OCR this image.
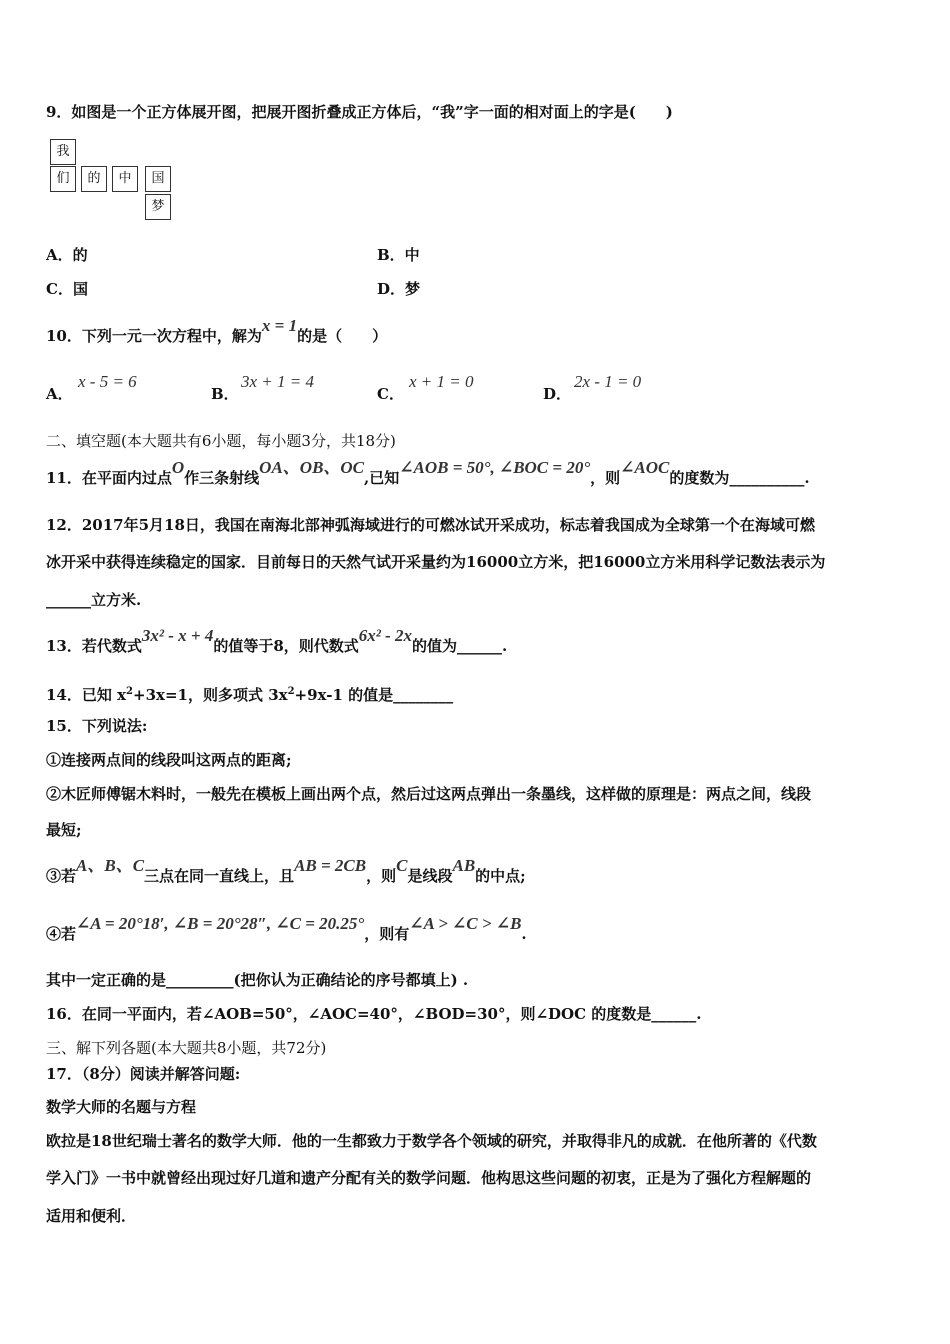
9．如图是一个正方体展开图，把展开图折叠成正方体后，“我”字一面的相对面上的字是(　　)
我
们	的	中	国
梦
A．的	B．中
C．国	D．梦
10．下列一元一次方程中，解为x = 1的是（　　）
A．
x - 5 = 6
B．
3x + 1 = 4
C．
x + 1 = 0
D．
2x - 1 = 0
二、填空题(本大题共有6小题，每小题3分，共18分)
11．在平面内过点O作三条射线OA、OB、OC,已知∠AOB = 50°, ∠BOC = 20°，则∠AOC的度数为__________.
12．2017年5月18日，我国在南海北部神弧海域进行的可燃冰试开采成功，标志着我国成为全球第一个在海域可燃
冰开采中获得连续稳定的国家．目前每日的天然气试开采量约为16000立方米，把16000立方米用科学记数法表示为
______立方米.
13．若代数式3x² - x + 4的值等于8，则代数式6x² - 2x的值为______.
14．已知 $x^2+3x=1$，则多项式 $3x^2+9x-1$ 的值是________
15．下列说法:
①连接两点间的线段叫这两点的距离;
②木匠师傅锯木料时，一般先在模板上画出两个点，然后过这两点弹出一条墨线，这样做的原理是：两点之间，线段
最短;
③若A、B、C三点在同一直线上，且AB = 2CB，则C是线段AB的中点;
④若∠A = 20°18′, ∠B = 20°28″, ∠C = 20.25°，则有∠A > ∠C > ∠B.
其中一定正确的是_________(把你认为正确结论的序号都填上) .
16．在同一平面内，若∠AOB=50°，∠AOC=40°，∠BOD=30°，则∠DOC 的度数是______.
三、解下列各题(本大题共8小题，共72分)
17．（8分）阅读并解答问题:
数学大师的名题与方程
欧拉是18世纪瑞士著名的数学大师．他的一生都致力于数学各个领域的研究，并取得非凡的成就．在他所著的《代数
学入门》一书中就曾经出现过好几道和遗产分配有关的数学问题．他构思这些问题的初衷，正是为了强化方程解题的
适用和便利．
